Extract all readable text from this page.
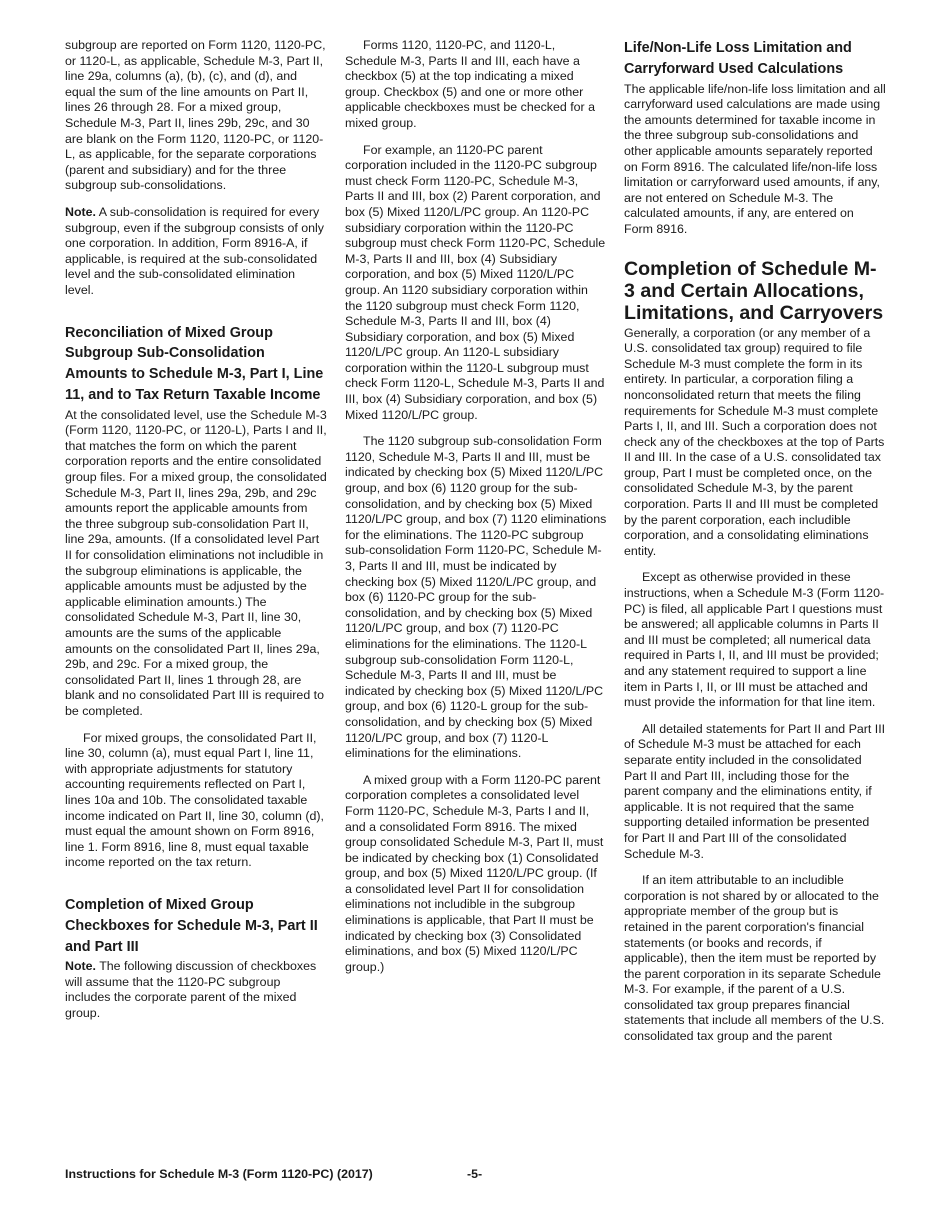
subgroup are reported on Form 1120, 1120-PC, or 1120-L, as applicable, Schedule M-3, Part II, line 29a, columns (a), (b), (c), and (d), and equal the sum of the line amounts on Part II, lines 26 through 28. For a mixed group, Schedule M-3, Part II, lines 29b, 29c, and 30 are blank on the Form 1120, 1120-PC, or 1120-L, as applicable, for the separate corporations (parent and subsidiary) and for the three subgroup sub-consolidations.

Note. A sub-consolidation is required for every subgroup, even if the subgroup consists of only one corporation. In addition, Form 8916-A, if applicable, is required at the sub-consolidated level and the sub-consolidated elimination level.

Reconciliation of Mixed Group Subgroup Sub-Consolidation Amounts to Schedule M-3, Part I, Line 11, and to Tax Return Taxable Income

At the consolidated level, use the Schedule M-3 (Form 1120, 1120-PC, or 1120-L), Parts I and II, that matches the form on which the parent corporation reports and the entire consolidated group files. For a mixed group, the consolidated Schedule M-3, Part II, lines 29a, 29b, and 29c amounts report the applicable amounts from the three subgroup sub-consolidation Part II, line 29a, amounts. (If a consolidated level Part II for consolidation eliminations not includible in the subgroup eliminations is applicable, the applicable amounts must be adjusted by the applicable elimination amounts.) The consolidated Schedule M-3, Part II, line 30, amounts are the sums of the applicable amounts on the consolidated Part II, lines 29a, 29b, and 29c. For a mixed group, the consolidated Part II, lines 1 through 28, are blank and no consolidated Part III is required to be completed.

For mixed groups, the consolidated Part II, line 30, column (a), must equal Part I, line 11, with appropriate adjustments for statutory accounting requirements reflected on Part I, lines 10a and 10b. The consolidated taxable income indicated on Part II, line 30, column (d), must equal the amount shown on Form 8916, line 1. Form 8916, line 8, must equal taxable income reported on the tax return.

Completion of Mixed Group Checkboxes for Schedule M-3, Part II and Part III

Note. The following discussion of checkboxes will assume that the 1120-PC subgroup includes the corporate parent of the mixed group.

Forms 1120, 1120-PC, and 1120-L, Schedule M-3, Parts II and III, each have a checkbox (5) at the top indicating a mixed group. Checkbox (5) and one or more other applicable checkboxes must be checked for a mixed group.

For example, an 1120-PC parent corporation included in the 1120-PC subgroup must check Form 1120-PC, Schedule M-3, Parts II and III, box (2) Parent corporation, and box (5) Mixed 1120/L/PC group. An 1120-PC subsidiary corporation within the 1120-PC subgroup must check Form 1120-PC, Schedule M-3, Parts II and III, box (4) Subsidiary corporation, and box (5) Mixed 1120/L/PC group. An 1120 subsidiary corporation within the 1120 subgroup must check Form 1120, Schedule M-3, Parts II and III, box (4) Subsidiary corporation, and box (5) Mixed 1120/L/PC group. An 1120-L subsidiary corporation within the 1120-L subgroup must check Form 1120-L, Schedule M-3, Parts II and III, box (4) Subsidiary corporation, and box (5) Mixed 1120/L/PC group.

The 1120 subgroup sub-consolidation Form 1120, Schedule M-3, Parts II and III, must be indicated by checking box (5) Mixed 1120/L/PC group, and box (6) 1120 group for the sub-consolidation, and by checking box (5) Mixed 1120/L/PC group, and box (7) 1120 eliminations for the eliminations. The 1120-PC subgroup sub-consolidation Form 1120-PC, Schedule M-3, Parts II and III, must be indicated by checking box (5) Mixed 1120/L/PC group, and box (6) 1120-PC group for the sub-consolidation, and by checking box (5) Mixed 1120/L/PC group, and box (7) 1120-PC eliminations for the eliminations. The 1120-L subgroup sub-consolidation Form 1120-L, Schedule M-3, Parts II and III, must be indicated by checking box (5) Mixed 1120/L/PC group, and box (6) 1120-L group for the sub-consolidation, and by checking box (5) Mixed 1120/L/PC group, and box (7) 1120-L eliminations for the eliminations.

A mixed group with a Form 1120-PC parent corporation completes a consolidated level Form 1120-PC, Schedule M-3, Parts I and II, and a consolidated Form 8916. The mixed group consolidated Schedule M-3, Part II, must be indicated by checking box (1) Consolidated group, and box (5) Mixed 1120/L/PC group. (If a consolidated level Part II for consolidation eliminations not includible in the subgroup eliminations is applicable, that Part II must be indicated by checking box (3) Consolidated eliminations, and box (5) Mixed 1120/L/PC group.)

Life/Non-Life Loss Limitation and Carryforward Used Calculations

The applicable life/non-life loss limitation and all carryforward used calculations are made using the amounts determined for taxable income in the three subgroup sub-consolidations and other applicable amounts separately reported on Form 8916. The calculated life/non-life loss limitation or carryforward used amounts, if any, are not entered on Schedule M-3. The calculated amounts, if any, are entered on Form 8916.

Completion of Schedule M-3 and Certain Allocations, Limitations, and Carryovers

Generally, a corporation (or any member of a U.S. consolidated tax group) required to file Schedule M-3 must complete the form in its entirety. In particular, a corporation filing a nonconsolidated return that meets the filing requirements for Schedule M-3 must complete Parts I, II, and III. Such a corporation does not check any of the checkboxes at the top of Parts II and III. In the case of a U.S. consolidated tax group, Part I must be completed once, on the consolidated Schedule M-3, by the parent corporation. Parts II and III must be completed by the parent corporation, each includible corporation, and a consolidating eliminations entity.

Except as otherwise provided in these instructions, when a Schedule M-3 (Form 1120-PC) is filed, all applicable Part I questions must be answered; all applicable columns in Parts II and III must be completed; all numerical data required in Parts I, II, and III must be provided; and any statement required to support a line item in Parts I, II, or III must be attached and must provide the information for that line item.

All detailed statements for Part II and Part III of Schedule M-3 must be attached for each separate entity included in the consolidated Part II and Part III, including those for the parent company and the eliminations entity, if applicable. It is not required that the same supporting detailed information be presented for Part II and Part III of the consolidated Schedule M-3.

If an item attributable to an includible corporation is not shared by or allocated to the appropriate member of the group but is retained in the parent corporation's financial statements (or books and records, if applicable), then the item must be reported by the parent corporation in its separate Schedule M-3. For example, if the parent of a U.S. consolidated tax group prepares financial statements that include all members of the U.S. consolidated tax group and the parent

Instructions for Schedule M-3 (Form 1120-PC) (2017)	-5-
